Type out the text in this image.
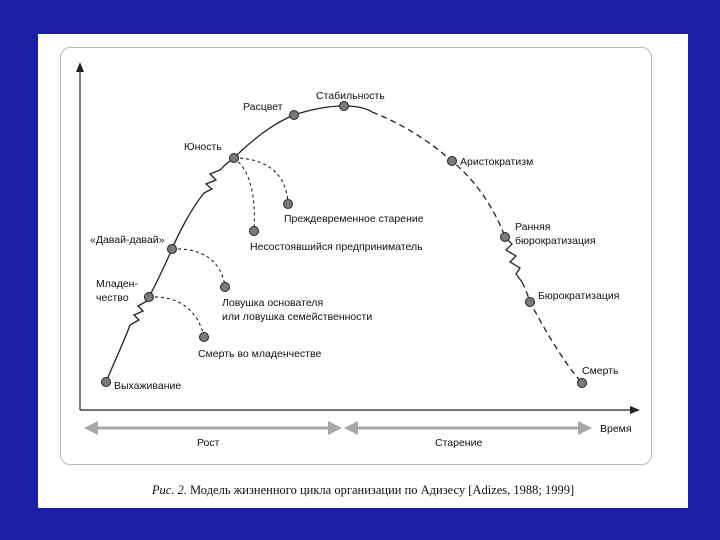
Время
Рост	Старение
Выхаживание
Младен-
чество
«Давай-давай»
Юность
Расцвет
Стабильность
Аристократизм
Ранняя
бюрократизация
Бюрократизация
Смерть
Смерть во младенчестве
Ловушка основателя
или ловушка семейственности
Несостоявшийся предприниматель
Преждевременное старение
Рис. 2. Модель жизненного цикла организации по Адизесу [Adizes, 1988; 1999]
